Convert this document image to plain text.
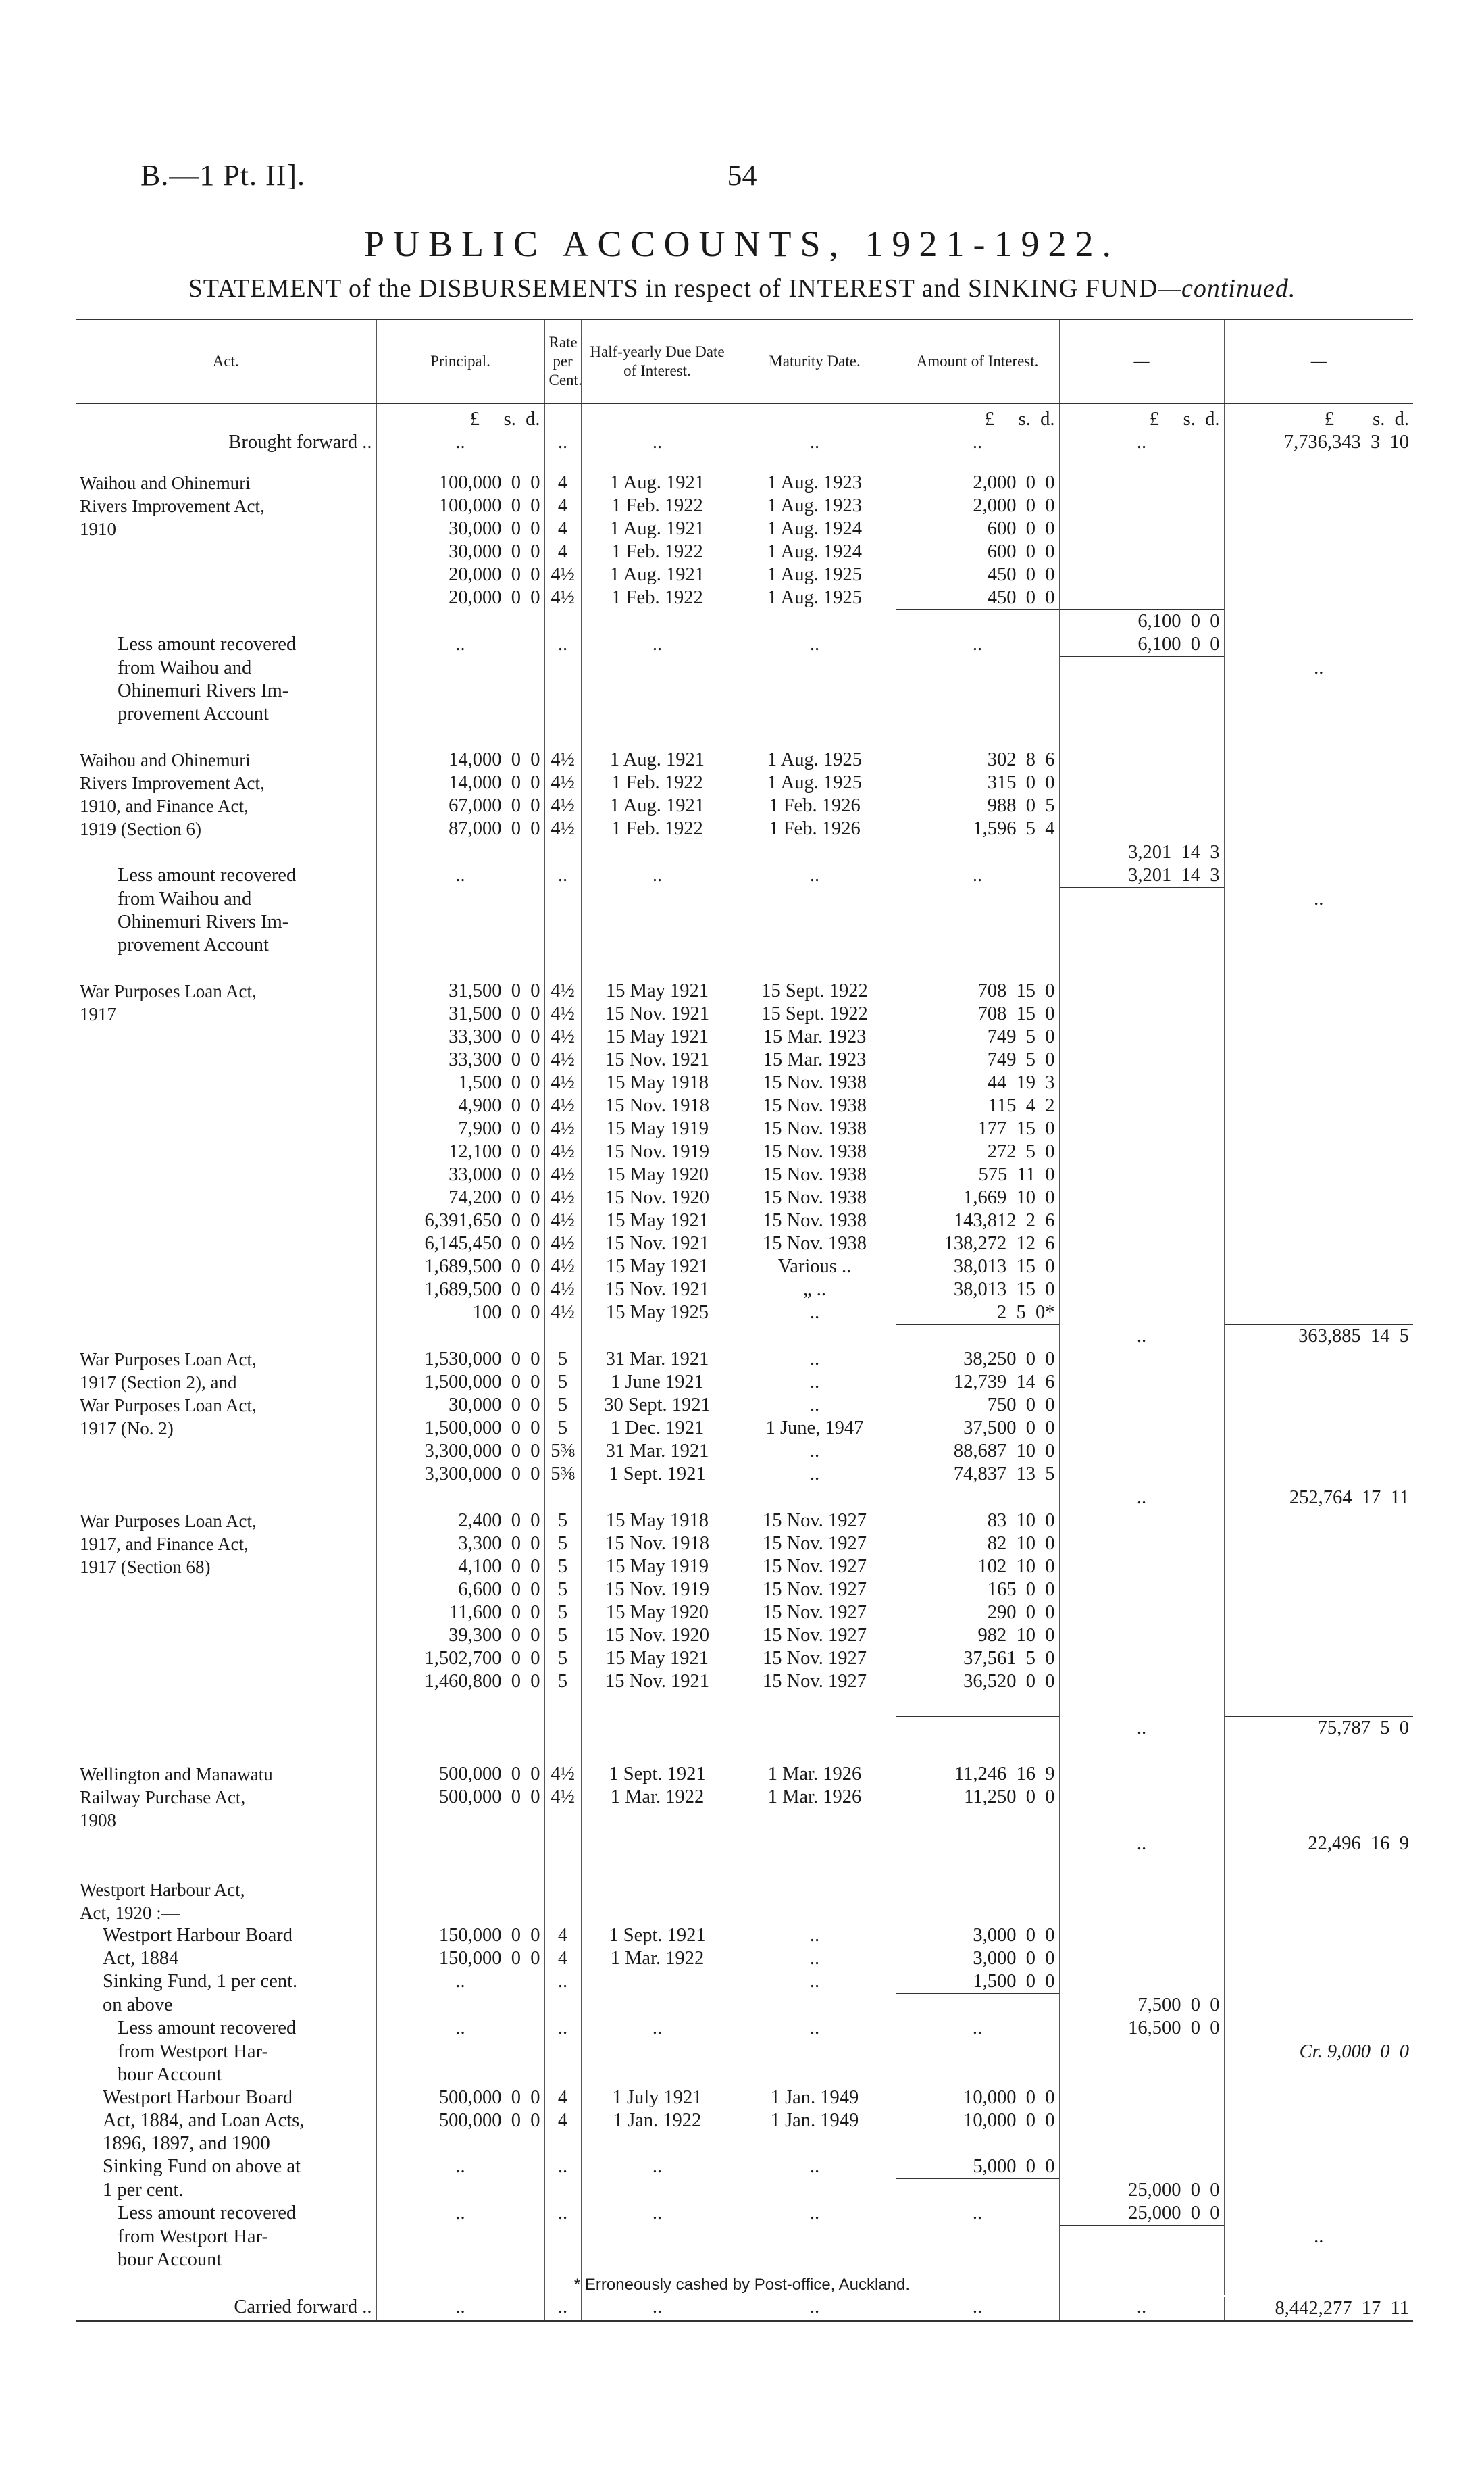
B.—1 Pt. II].	54
PUBLIC ACCOUNTS, 1921-1922.
STATEMENT of the DISBURSEMENTS in respect of INTEREST and SINKING FUND—continued.
Act.	Principal.	Rate per Cent.	Half-yearly Due Date of Interest.	Maturity Date.	Amount of Interest.	—	—
	£     s.  d.				£     s.  d.	£     s.  d.	£        s.  d.
Brought forward ..	..	..	..	..	..	..	7,736,343  3  10

Waihou and Ohinemuri	100,000  0  0	4	1 Aug. 1921	1 Aug. 1923	2,000  0  0		
Rivers Improvement Act,	100,000  0  0	4	1 Feb. 1922	1 Aug. 1923	2,000  0  0		
1910	30,000  0  0	4	1 Aug. 1921	1 Aug. 1924	600  0  0		
	30,000  0  0	4	1 Feb. 1922	1 Aug. 1924	600  0  0		
	20,000  0  0	4½	1 Aug. 1921	1 Aug. 1925	450  0  0		
	20,000  0  0	4½	1 Feb. 1922	1 Aug. 1925	450  0  0		
						6,100  0  0	
Less amount recovered	..	..	..	..	..	6,100  0  0	
from Waihou and							..
Ohinemuri Rivers Im-							
provement Account							

Waihou and Ohinemuri	14,000  0  0	4½	1 Aug. 1921	1 Aug. 1925	302  8  6		
Rivers Improvement Act,	14,000  0  0	4½	1 Feb. 1922	1 Aug. 1925	315  0  0		
1910, and Finance Act,	67,000  0  0	4½	1 Aug. 1921	1 Feb. 1926	988  0  5		
1919 (Section 6)	87,000  0  0	4½	1 Feb. 1922	1 Feb. 1926	1,596  5  4		
						3,201  14  3	
Less amount recovered	..	..	..	..	..	3,201  14  3	
from Waihou and							..
Ohinemuri Rivers Im-							
provement Account							

War Purposes Loan Act,	31,500  0  0	4½	15 May 1921	15 Sept. 1922	708  15  0		
1917	31,500  0  0	4½	15 Nov. 1921	15 Sept. 1922	708  15  0		
	33,300  0  0	4½	15 May 1921	15 Mar. 1923	749  5  0		
	33,300  0  0	4½	15 Nov. 1921	15 Mar. 1923	749  5  0		
	1,500  0  0	4½	15 May 1918	15 Nov. 1938	44  19  3		
	4,900  0  0	4½	15 Nov. 1918	15 Nov. 1938	115  4  2		
	7,900  0  0	4½	15 May 1919	15 Nov. 1938	177  15  0		
	12,100  0  0	4½	15 Nov. 1919	15 Nov. 1938	272  5  0		
	33,000  0  0	4½	15 May 1920	15 Nov. 1938	575  11  0		
	74,200  0  0	4½	15 Nov. 1920	15 Nov. 1938	1,669  10  0		
	6,391,650  0  0	4½	15 May 1921	15 Nov. 1938	143,812  2  6		
	6,145,450  0  0	4½	15 Nov. 1921	15 Nov. 1938	138,272  12  6		
	1,689,500  0  0	4½	15 May 1921	Various ..	38,013  15  0		
	1,689,500  0  0	4½	15 Nov. 1921	„ ..	38,013  15  0		
	100  0  0	4½	15 May 1925	..	2  5  0*		
						..	363,885  14  5
War Purposes Loan Act,	1,530,000  0  0	5	31 Mar. 1921	..	38,250  0  0		
1917 (Section 2), and	1,500,000  0  0	5	1 June 1921	..	12,739  14  6		
War Purposes Loan Act,	30,000  0  0	5	30 Sept. 1921	..	750  0  0		
1917 (No. 2)	1,500,000  0  0	5	1 Dec. 1921	1 June, 1947	37,500  0  0		
	3,300,000  0  0	5⅜	31 Mar. 1921	..	88,687  10  0		
	3,300,000  0  0	5⅜	1 Sept. 1921	..	74,837  13  5		
						..	252,764  17  11
War Purposes Loan Act,	2,400  0  0	5	15 May 1918	15 Nov. 1927	83  10  0		
1917, and Finance Act,	3,300  0  0	5	15 Nov. 1918	15 Nov. 1927	82  10  0		
1917 (Section 68)	4,100  0  0	5	15 May 1919	15 Nov. 1927	102  10  0		
	6,600  0  0	5	15 Nov. 1919	15 Nov. 1927	165  0  0		
	11,600  0  0	5	15 May 1920	15 Nov. 1927	290  0  0		
	39,300  0  0	5	15 Nov. 1920	15 Nov. 1927	982  10  0		
	1,502,700  0  0	5	15 May 1921	15 Nov. 1927	37,561  5  0		
	1,460,800  0  0	5	15 Nov. 1921	15 Nov. 1927	36,520  0  0		

						..	75,787  5  0

Wellington and Manawatu	500,000  0  0	4½	1 Sept. 1921	1 Mar. 1926	11,246  16  9		
Railway Purchase Act,	500,000  0  0	4½	1 Mar. 1922	1 Mar. 1926	11,250  0  0		
1908							
						..	22,496  16  9

Westport Harbour Act,							
Act, 1920 :—							
Westport Harbour Board	150,000  0  0	4	1 Sept. 1921	..	3,000  0  0		
Act, 1884	150,000  0  0	4	1 Mar. 1922	..	3,000  0  0		
Sinking Fund, 1 per cent.	..	..		..	1,500  0  0		
on above						7,500  0  0	
Less amount recovered	..	..	..	..	..	16,500  0  0	
from Westport Har-							Cr. 9,000  0  0
bour Account							
Westport Harbour Board	500,000  0  0	4	1 July 1921	1 Jan. 1949	10,000  0  0		
Act, 1884, and Loan Acts,	500,000  0  0	4	1 Jan. 1922	1 Jan. 1949	10,000  0  0		
1896, 1897, and 1900							
Sinking Fund on above at	..	..	..	..	5,000  0  0		
1 per cent.						25,000  0  0	
Less amount recovered	..	..	..	..	..	25,000  0  0	
from Westport Har-							..
bour Account							

Carried forward ..	..	..	..	..	..	..	8,442,277  17  11
* Erroneously cashed by Post-office, Auckland.
